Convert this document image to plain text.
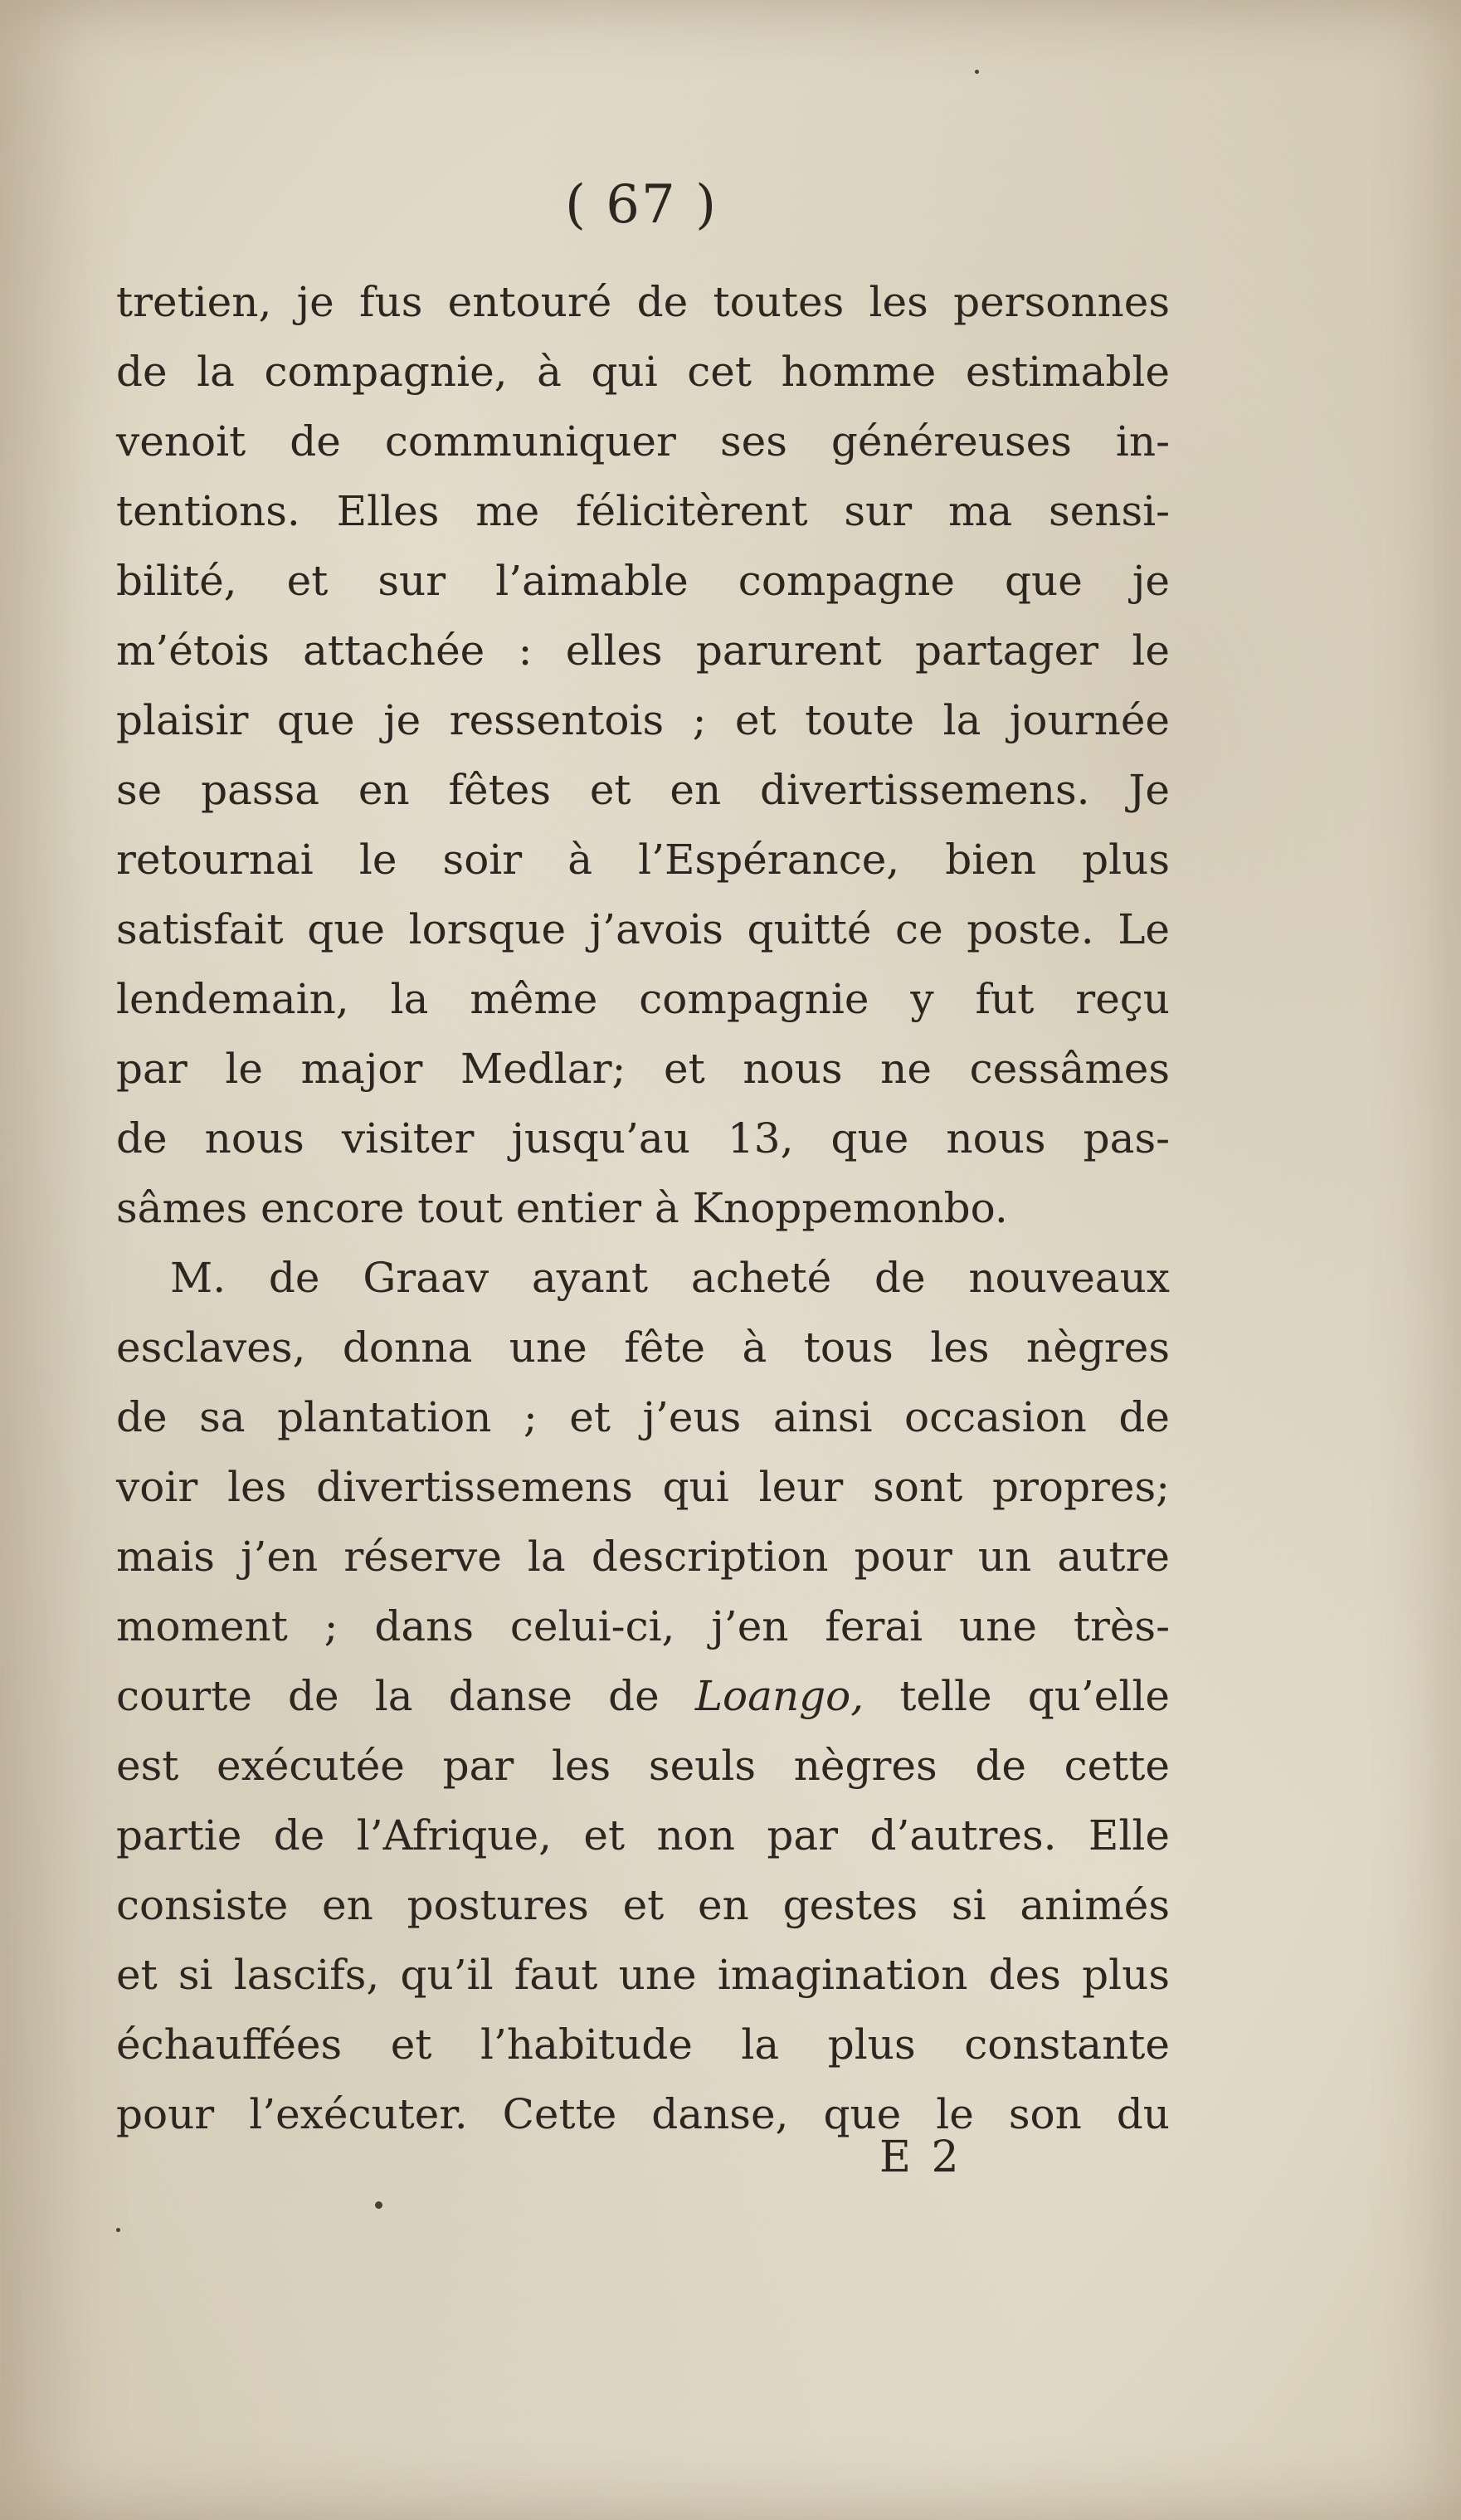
( 67 )
tretien, je fus entouré de toutes les personnes
de la compagnie, à qui cet homme estimable
venoit de communiquer ses généreuses in-
tentions. Elles me félicitèrent sur ma sensi-
bilité, et sur l’aimable compagne que je
m’étois attachée : elles parurent partager le
plaisir que je ressentois ; et toute la journée
se passa en fêtes et en divertissemens. Je
retournai le soir à l’Espérance, bien plus
satisfait que lorsque j’avois quitté ce poste. Le
lendemain, la même compagnie y fut reçu
par le major Medlar; et nous ne cessâmes
de nous visiter jusqu’au 13, que nous pas-
sâmes encore tout entier à Knoppemonbo.
M. de Graav ayant acheté de nouveaux
esclaves, donna une fête à tous les nègres
de sa plantation ; et j’eus ainsi occasion de
voir les divertissemens qui leur sont propres;
mais j’en réserve la description pour un autre
moment ; dans celui-ci, j’en ferai une très-
courte de la danse de Loango, telle qu’elle
est exécutée par les seuls nègres de cette
partie de l’Afrique, et non par d’autres. Elle
consiste en postures et en gestes si animés
et si lascifs, qu’il faut une imagination des plus
échauffées et l’habitude la plus constante
pour l’exécuter. Cette danse, que le son du
E 2
